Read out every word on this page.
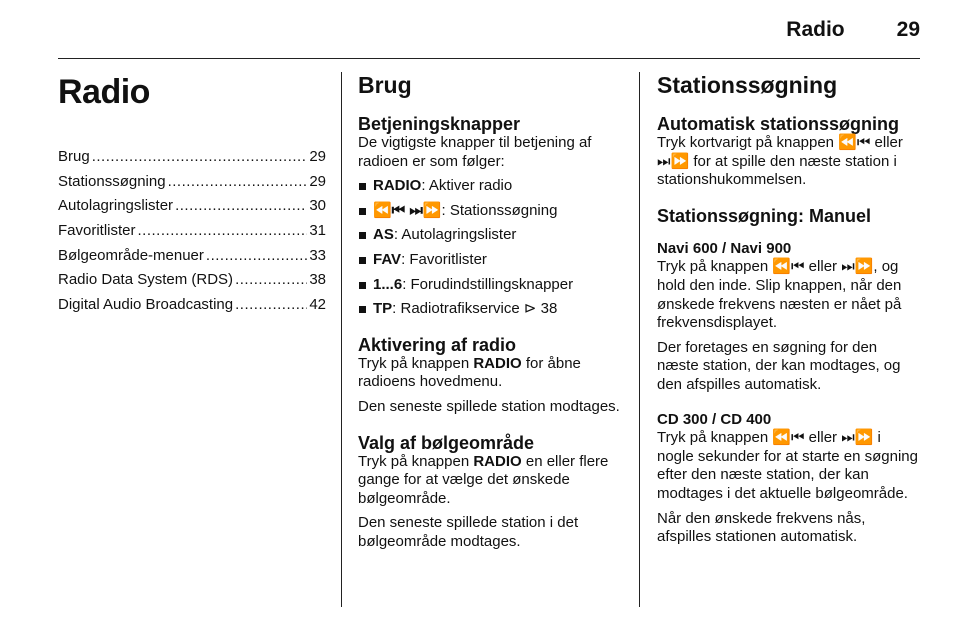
Radio 29
Radio
Brug .....	29
Stationssøgning .....	29
Autolagringslister .....	30
Favoritlister .....	31
Bølgeområde-menuer .....	33
Radio Data System (RDS) .....	38
Digital Audio Broadcasting .....	42
Brug
Betjeningsknapper

De vigtigste knapper til betjening af radioen er som følger:

RADIO: Aktiver radio
⏪⏮ ⏭⏩: Stationssøgning
AS: Autolagringslister
FAV: Favoritlister
1...6: Forudindstillingsknapper
TP: Radiotrafikservice ⊳ 38
Aktivering af radio

Tryk på knappen RADIO for åbne radioens hovedmenu.

Den seneste spillede station modtages.

Valg af bølgeområde

Tryk på knappen RADIO en eller flere gange for at vælge det ønskede bølgeområde.

Den seneste spillede station i det bølgeområde modtages.

Stationssøgning
Automatisk stationssøgning

Tryk kortvarigt på knappen ⏪⏮ eller ⏭⏩ for at spille den næste station i stationshukommelsen.

Stationssøgning: Manuel
Navi 600 / Navi 900

Tryk på knappen ⏪⏮ eller ⏭⏩, og hold den inde. Slip knappen, når den ønskede frekvens næsten er nået på frekvensdisplayet.

Der foretages en søgning for den næste station, der kan modtages, og den afspilles automatisk.

CD 300 / CD 400

Tryk på knappen ⏪⏮ eller ⏭⏩ i nogle sekunder for at starte en søgning efter den næste station, der kan modtages i det aktuelle bølgeområde.

Når den ønskede frekvens nås, afspilles stationen automatisk.
